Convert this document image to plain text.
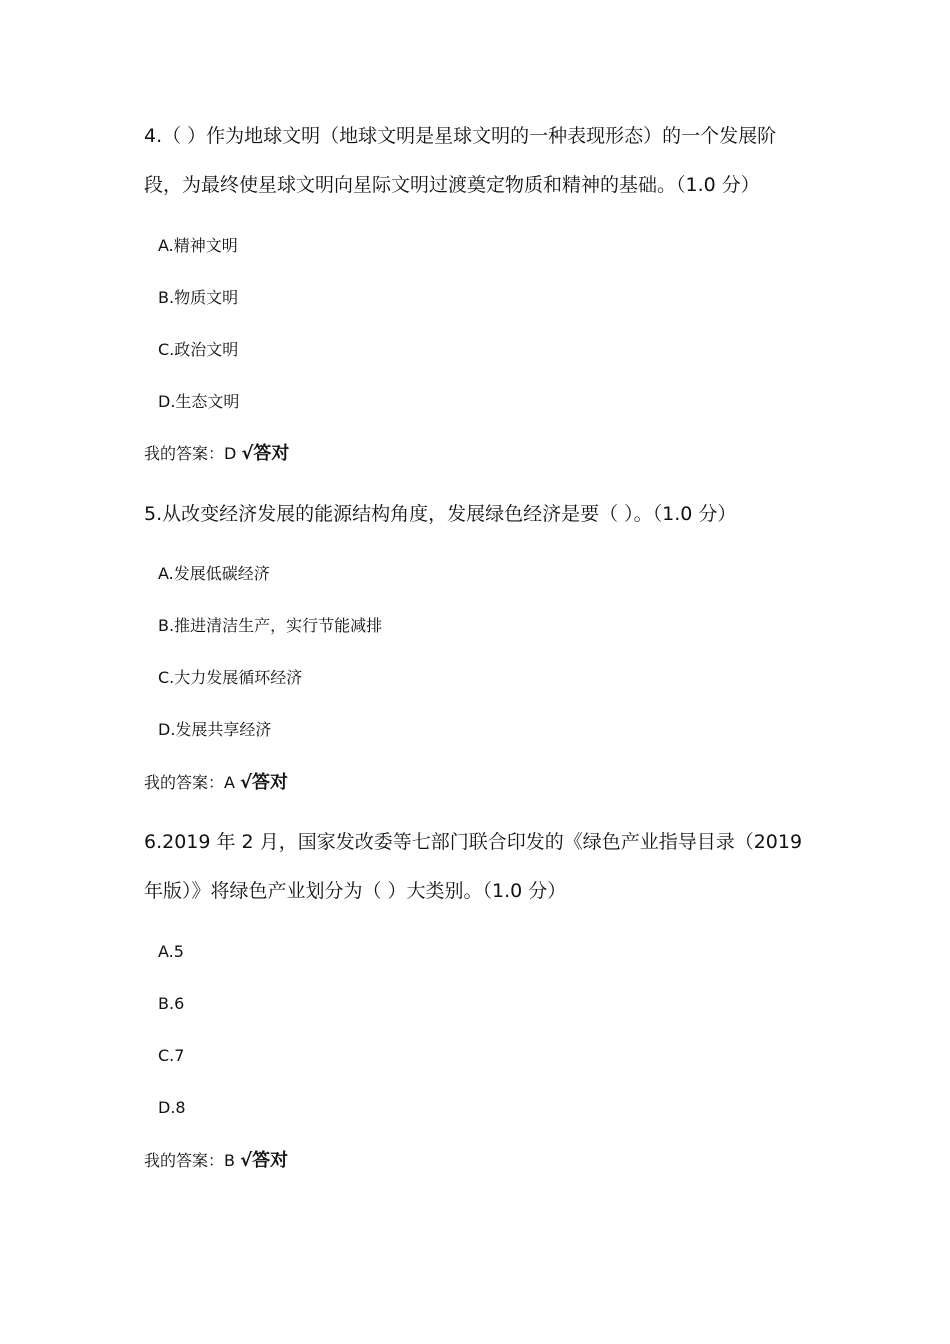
4.（ ）作为地球文明（地球文明是星球文明的一种表现形态）的一个发展阶段，为最终使星球文明向星际文明过渡奠定物质和精神的基础。（1.0 分）

A.精神文明

B.物质文明

C.政治文明

D.生态文明

我的答案：D √答对

5.从改变经济发展的能源结构角度，发展绿色经济是要（ ）。（1.0 分）

A.发展低碳经济

B.推进清洁生产，实行节能减排

C.大力发展循环经济

D.发展共享经济

我的答案：A √答对

6.2019 年 2 月，国家发改委等七部门联合印发的《绿色产业指导目录（2019 年版）》将绿色产业划分为（ ）大类别。（1.0 分）

A.5

B.6

C.7

D.8

我的答案：B √答对
